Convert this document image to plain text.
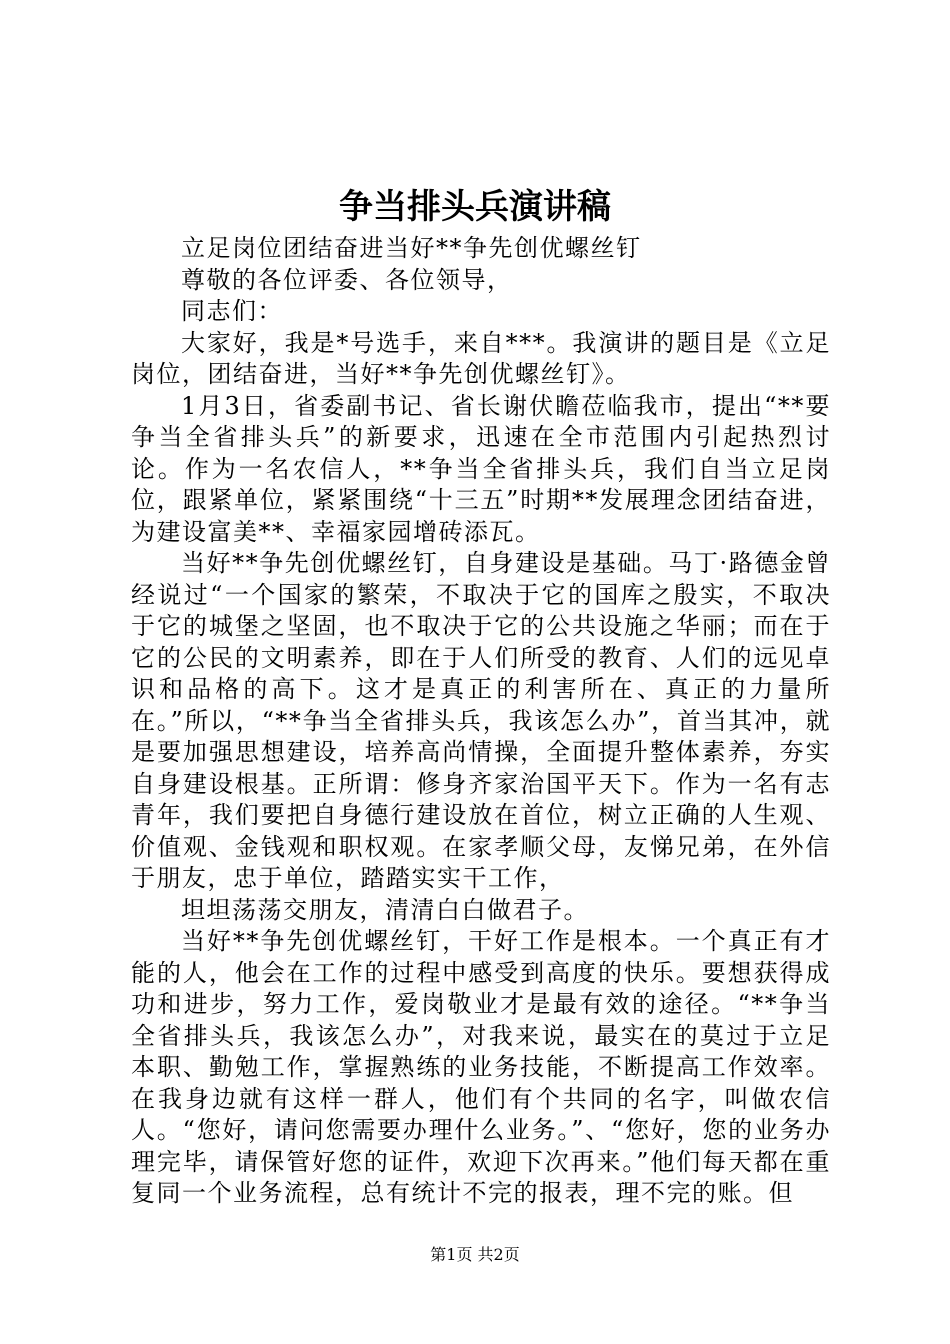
争当排头兵演讲稿

立足岗位团结奋进当好**争先创优螺丝钉

尊敬的各位评委、各位领导，

同志们：

大家好，我是*号选手，来自***。我演讲的题目是《立足岗位，团结奋进，当好**争先创优螺丝钉》。

1月3日，省委副书记、省长谢伏瞻莅临我市，提出“**要争当全省排头兵”的新要求，迅速在全市范围内引起热烈讨论。作为一名农信人，**争当全省排头兵，我们自当立足岗位，跟紧单位，紧紧围绕“十三五”时期**发展理念团结奋进，为建设富美**、幸福家园增砖添瓦。

当好**争先创优螺丝钉，自身建设是基础。马丁·路德金曾经说过“一个国家的繁荣，不取决于它的国库之殷实，不取决于它的城堡之坚固，也不取决于它的公共设施之华丽；而在于它的公民的文明素养，即在于人们所受的教育、人们的远见卓识和品格的高下。这才是真正的利害所在、真正的力量所在。”所以，“**争当全省排头兵，我该怎么办”，首当其冲，就是要加强思想建设，培养高尚情操，全面提升整体素养，夯实自身建设根基。正所谓：修身齐家治国平天下。作为一名有志青年，我们要把自身德行建设放在首位，树立正确的人生观、价值观、金钱观和职权观。在家孝顺父母，友悌兄弟，在外信于朋友，忠于单位，踏踏实实干工作，

坦坦荡荡交朋友，清清白白做君子。

当好**争先创优螺丝钉，干好工作是根本。一个真正有才能的人，他会在工作的过程中感受到高度的快乐。要想获得成功和进步，努力工作，爱岗敬业才是最有效的途径。“**争当全省排头兵，我该怎么办”，对我来说，最实在的莫过于立足本职、勤勉工作，掌握熟练的业务技能，不断提高工作效率。在我身边就有这样一群人，他们有个共同的名字，叫做农信人。“您好，请问您需要办理什么业务。”、“您好，您的业务办理完毕，请保管好您的证件，欢迎下次再来。”他们每天都在重复同一个业务流程，总有统计不完的报表，理不完的账。但

第1页 共2页
